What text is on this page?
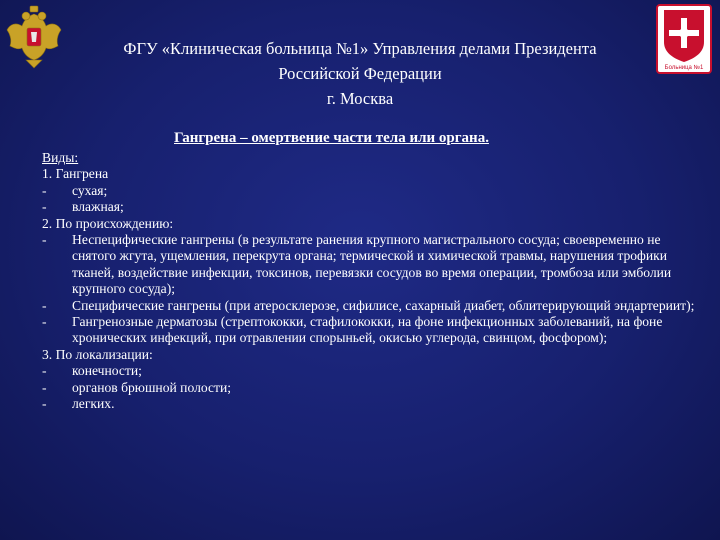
Больница №1
ФГУ «Клиническая больница №1» Управления делами Президента
Российской Федерации
г. Москва
Гангрена – омертвение части тела или органа.
Виды:
1. Гангрена
-	сухая;
-	влажная;
2. По происхождению:
-	Неспецифические гангрены (в результате ранения крупного магистрального сосуда; своевременно не снятого жгута, ущемления, перекрута органа; термической и химической травмы, нарушения трофики тканей, воздействие инфекции, токсинов, перевязки сосудов во время операции, тромбоза или эмболии крупного сосуда);
-	Специфические гангрены (при атеросклерозе, сифилисе, сахарный диабет, облитерирующий эндартериит);
-	Гангренозные дерматозы (стрептококки, стафилококки, на фоне инфекционных заболеваний, на фоне хронических инфекций, при отравлении спорыньей, окисью углерода, свинцом, фосфором);
3. По локализации:
-	конечности;
-	органов брюшной полости;
-	легких.
